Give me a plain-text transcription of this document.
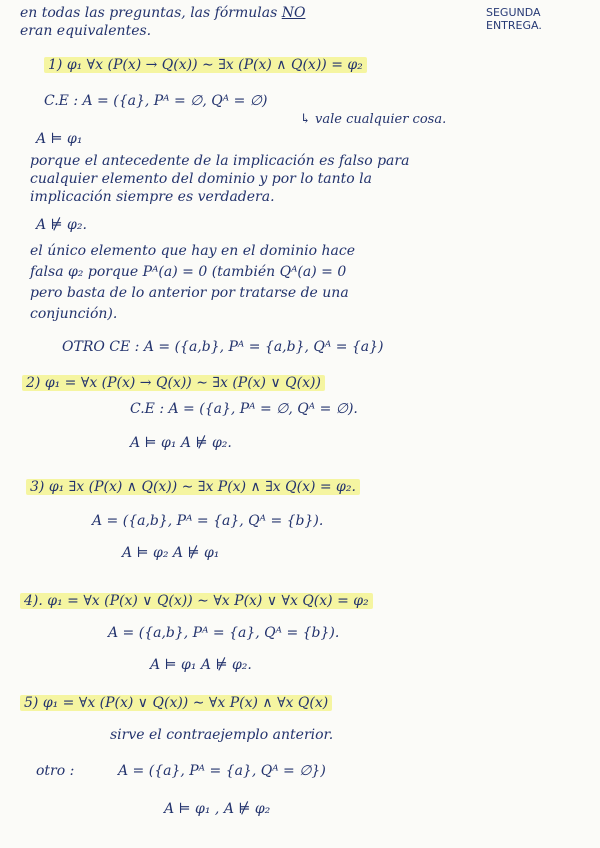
en todas las preguntas, las fórmulas NO
eran equivalentes.
SEGUNDA
ENTREGA.
1) φ₁ ∀x (P(x) → Q(x)) ∼ ∃x (P(x) ∧ Q(x)) = φ₂
C.E : A = ({a}, Pᴬ = ∅, Qᴬ = ∅)
↳ vale cualquier cosa.
A ⊨ φ₁
porque el antecedente de la implicación es falso para
cualquier elemento del dominio y por lo tanto la
implicación siempre es verdadera.
A ⊭ φ₂.
el único elemento que hay en el dominio hace
falsa φ₂ porque Pᴬ(a) = 0 (también Qᴬ(a) = 0
pero basta de lo anterior por tratarse de una
conjunción).
OTRO CE : A = ({a,b}, Pᴬ = {a,b}, Qᴬ = {a})
2) φ₁ = ∀x (P(x) → Q(x)) ∼ ∃x (P(x) ∨ Q(x))
C.E : A = ({a}, Pᴬ = ∅, Qᴬ = ∅).
A ⊨ φ₁ A ⊭ φ₂.
3) φ₁ ∃x (P(x) ∧ Q(x)) ∼ ∃x P(x) ∧ ∃x Q(x) = φ₂.
A = ({a,b}, Pᴬ = {a}, Qᴬ = {b}).
A ⊨ φ₂ A ⊭ φ₁
4). φ₁ = ∀x (P(x) ∨ Q(x)) ∼ ∀x P(x) ∨ ∀x Q(x) = φ₂
A = ({a,b}, Pᴬ = {a}, Qᴬ = {b}).
A ⊨ φ₁ A ⊭ φ₂.
5) φ₁ = ∀x (P(x) ∨ Q(x)) ∼ ∀x P(x) ∧ ∀x Q(x)
sirve el contraejemplo anterior.
otro :	A = ({a}, Pᴬ = {a}, Qᴬ = ∅})
A ⊨ φ₁ , A ⊭ φ₂
